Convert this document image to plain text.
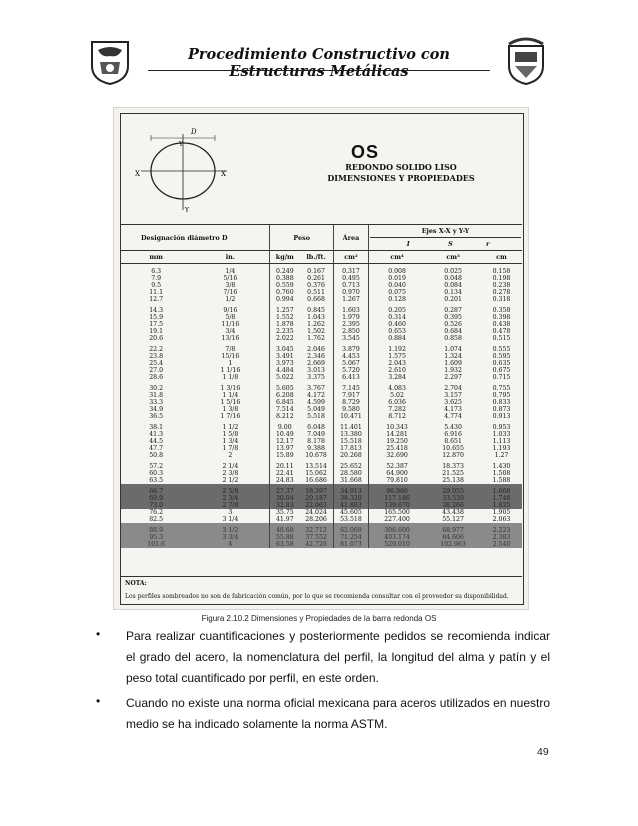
Procedimiento Constructivo con Estructuras Metálicas
D
X	X
Y
Y
OS
REDONDO SOLIDO LISO
DIMENSIONES Y PROPIEDADES
Designación diámetro D		Peso		Área	Ejes X-X y Y-Y
I S r		
mm	in.	kg/m	lb./ft.	cm²	cm⁴	cm³	cm
6.3	1/4	0.249	0.167	0.317	0.008	0.025	0.158
7.9	5/16	0.388	0.261	0.495	0.019	0.048	0.198
9.5	3/8	0.559	0.376	0.713	0.040	0.084	0.238
11.1	7/16	0.760	0.511	0.970	0.075	0.134	0.278
12.7	1/2	0.994	0.668	1.267	0.128	0.201	0.318
14.3	9/16	1.257	0.845	1.603	0.205	0.287	0.358
15.9	5/8	1.552	1.043	1.979	0.314	0.395	0.398
17.5	11/16	1.878	1.262	2.395	0.460	0.526	0.438
19.1	3/4	2.235	1.502	2.850	0.653	0.684	0.478
20.6	13/16	2.022	1.762	3.545	0.884	0.858	0.515
22.2	7/8	3.045	2.046	3.879	1.192	1.074	0.555
23.8	15/16	3.491	2.346	4.453	1.575	1.324	0.595
25.4	1	3.973	2.669	5.067	2.043	1.609	0.635
27.0	1 1/16	4.484	3.013	5.720	2.610	1.932	0.675
28.6	1 1/8	5.022	3.375	6.413	3.284	2.297	0.715
30.2	1 3/16	5.605	3.767	7.145	4.083	2.704	0.755
31.8	1 1/4	6.208	4.172	7.917	5.02	3.157	0.795
33.3	1 5/16	6.845	4.599	8.729	6.036	3.625	0.833
34.9	1 3/8	7.514	5.049	9.580	7.282	4.173	0.873
36.5	1 7/16	8.212	5.518	10.471	8.712	4.774	0.913
38.1	1 1/2	9.00	6.048	11.401	10.343	5.430	0.953
41.3	1 5/8	10.49	7.049	13.380	14.281	6.916	1.033
44.5	1 3/4	12.17	8.178	15.518	19.250	8.651	1.113
47.7	1 7/8	13.97	9.388	17.813	25.418	10.655	1.193
50.8	2	15.89	10.678	20.268	32.690	12.870	1.27
57.2	2 1/4	20.11	13.514	25.652	52.387	18.373	1.430
60.3	2 3/8	22.41	15.062	28.580	64.900	21.525	1.508
63.5	2 1/2	24.83	16.686	31.668	79.810	25.138	1.588
66.7	2 5/8	27.37	18.397	34.913	96.960	29.055	1.668
69.9	2 3/4	30.04	20.187	38.320	117.186	33.530	1.748
73.0	2 7/8	32.83	22.063	41.883	139.670	38.266	1.825
76.2	3	35.75	24.024	45.605	165.500	43.438	1.905
82.5	3 1/4	41.97	28.206	53.518	227.400	55.127	2.063
88.9	3 1/2	48.68	32.712	62.069	306.600	68.977	2.223
95.3	3 3/4	55.88	37.552	71.254	403.174	84.606	2.383
101.6	4	63.58	42.726	81.073	529.010	102.963	2.540
NOTA:
Los perfiles sombreados no son de fabricación común, por lo que se recomienda consultar con el proveedor su disponibilidad.
Figura 2.10.2 Dimensiones y Propiedades de la barra redonda OS
• Para realizar cuantificaciones y posteriormente pedidos se recomienda indicar el grado del acero, la nomenclatura del perfil, la longitud del alma y patín y el peso total cuantificado por perfil, en este orden.
• Cuando no existe una norma oficial mexicana para aceros utilizados en nuestro medio se ha indicado solamente la norma ASTM.
49
